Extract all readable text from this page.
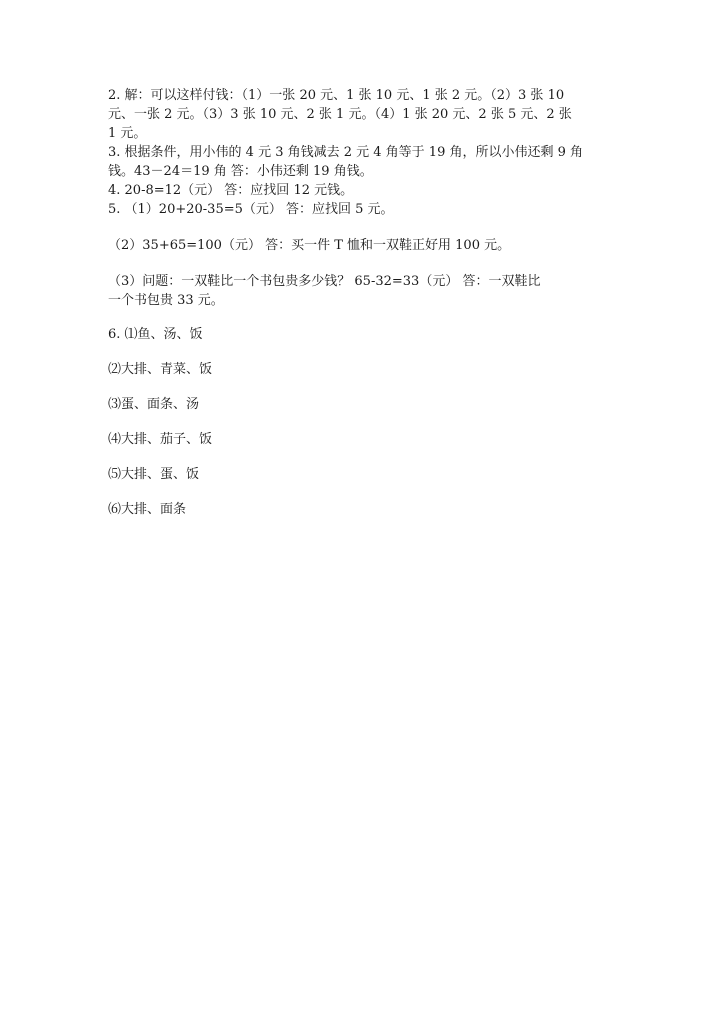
2. 解：可以这样付钱：（1）一张 20 元、1 张 10 元、1 张 2 元。（2）3 张 10
元、一张 2 元。（3）3 张 10 元、2 张 1 元。（4）1 张 20 元、2 张 5 元、2 张
1 元。
3. 根据条件，用小伟的 4 元 3 角钱减去 2 元 4 角等于 19 角，所以小伟还剩 9 角
钱。43－24＝19 角 答：小伟还剩 19 角钱。
4. 20-8=12（元） 答：应找回 12 元钱。
5. （1）20+20-35=5（元） 答：应找回 5 元。
（2）35+65=100（元） 答：买一件 T 恤和一双鞋正好用 100 元。
（3）问题：一双鞋比一个书包贵多少钱？ 65-32=33（元） 答：一双鞋比
一个书包贵 33 元。
6. ⑴鱼、汤、饭
⑵大排、青菜、饭
⑶蛋、面条、汤
⑷大排、茄子、饭
⑸大排、蛋、饭
⑹大排、面条
